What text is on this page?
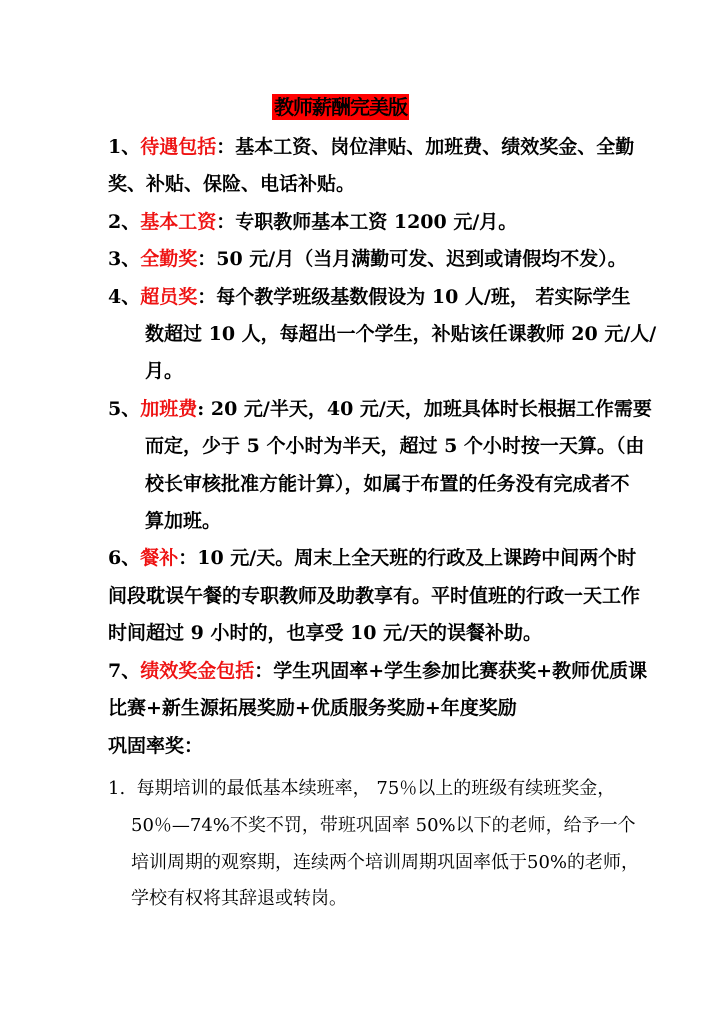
教师薪酬完美版
1、待遇包括：基本工资、岗位津贴、加班费、绩效奖金、全勤
奖、补贴、保险、电话补贴。
2、基本工资：专职教师基本工资 1200 元/月。
3、全勤奖：50 元/月（当月满勤可发、迟到或请假均不发）。
4、超员奖：每个教学班级基数假设为 10 人/班， 若实际学生
数超过 10 人，每超出一个学生，补贴该任课教师 20 元/人/
月。
5、加班费: 20 元/半天，40 元/天，加班具体时长根据工作需要
而定，少于 5 个小时为半天，超过 5 个小时按一天算。（由
校长审核批准方能计算），如属于布置的任务没有完成者不
算加班。
6、餐补：10 元/天。周末上全天班的行政及上课跨中间两个时
间段耽误午餐的专职教师及助教享有。平时值班的行政一天工作
时间超过 9 小时的，也享受 10 元/天的误餐补助。
7、绩效奖金包括：学生巩固率+学生参加比赛获奖+教师优质课
比赛+新生源拓展奖励+优质服务奖励+年度奖励
巩固率奖：
1. 每期培训的最低基本续班率， 75％以上的班级有续班奖金，
50％—74%不奖不罚，带班巩固率 50%以下的老师，给予一个
培训周期的观察期，连续两个培训周期巩固率低于50%的老师，
学校有权将其辞退或转岗。
